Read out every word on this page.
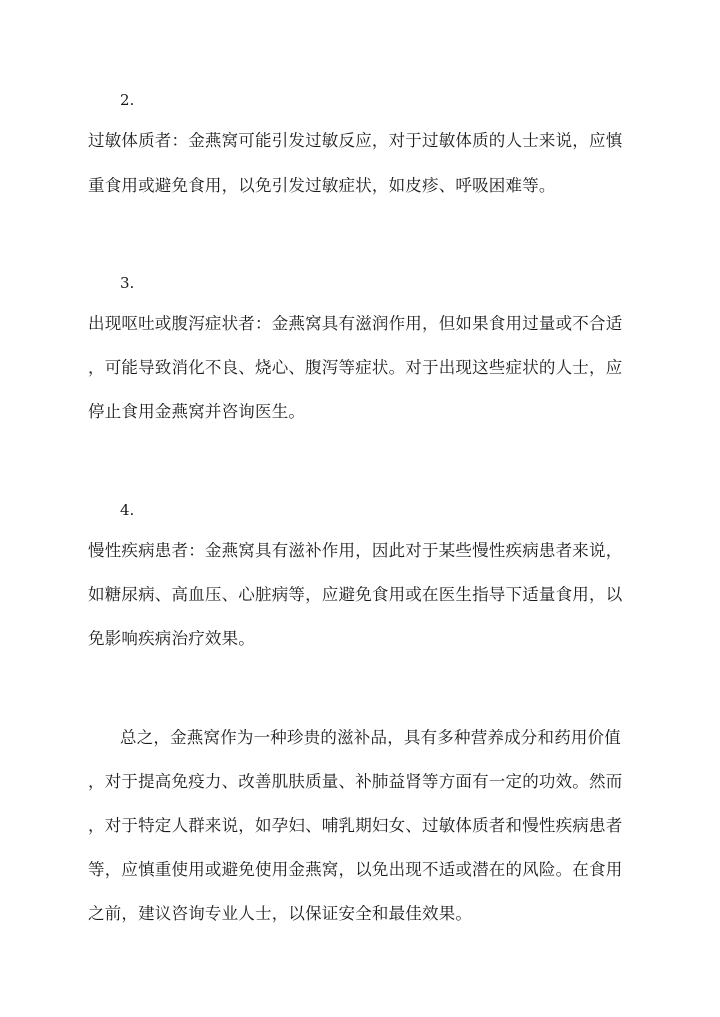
2.
过敏体质者：金燕窝可能引发过敏反应，对于过敏体质的人士来说，应慎
重食用或避免食用，以免引发过敏症状，如皮疹、呼吸困难等。
3.
出现呕吐或腹泻症状者：金燕窝具有滋润作用，但如果食用过量或不合适
，可能导致消化不良、烧心、腹泻等症状。对于出现这些症状的人士，应
停止食用金燕窝并咨询医生。
4.
慢性疾病患者：金燕窝具有滋补作用，因此对于某些慢性疾病患者来说，
如糖尿病、高血压、心脏病等，应避免食用或在医生指导下适量食用，以
免影响疾病治疗效果。
总之，金燕窝作为一种珍贵的滋补品，具有多种营养成分和药用价值
，对于提高免疫力、改善肌肤质量、补肺益肾等方面有一定的功效。然而
，对于特定人群来说，如孕妇、哺乳期妇女、过敏体质者和慢性疾病患者
等，应慎重使用或避免使用金燕窝，以免出现不适或潜在的风险。在食用
之前，建议咨询专业人士，以保证安全和最佳效果。
